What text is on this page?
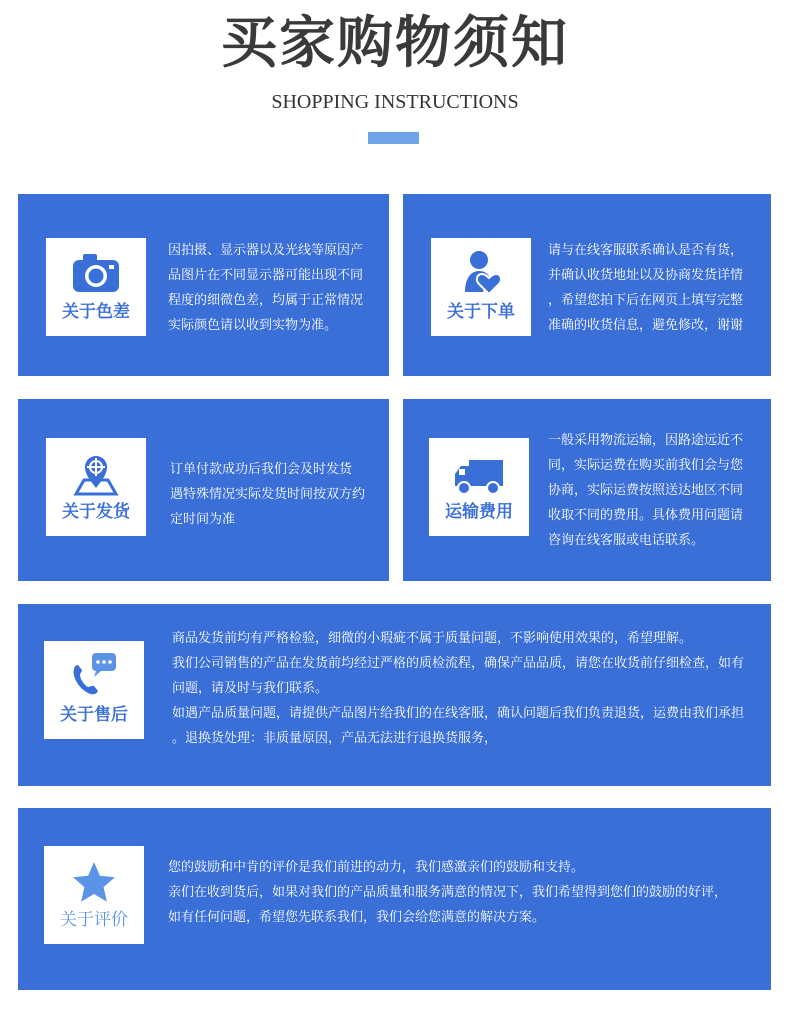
买家购物须知
SHOPPING INSTRUCTIONS
关于色差
因拍摄、显示器以及光线等原因产
品图片在不同显示器可能出现不同
程度的细微色差，均属于正常情况
实际颜色请以收到实物为准。
关于下单
请与在线客服联系确认是否有货，
并确认收货地址以及协商发货详情
，希望您拍下后在网页上填写完整
准确的收货信息，避免修改，谢谢
关于发货
订单付款成功后我们会及时发货
遇特殊情况实际发货时间按双方约
定时间为准	运输费用
一般采用物流运输，因路途远近不
同，实际运费在购买前我们会与您
协商，实际运费按照送达地区不同
收取不同的费用。具体费用问题请
咨询在线客服或电话联系。
关于售后

商品发货前均有严格检验，细微的小瑕疵不属于质量问题，不影响使用效果的，希望理解。

我们公司销售的产品在发货前均经过严格的质检流程，确保产品品质，请您在收货前仔细检查，如有
问题，请及时与我们联系。

如遇产品质量问题，请提供产品图片给我们的在线客服，确认问题后我们负责退货，运费由我们承担
。退换货处理：非质量原因，产品无法进行退换货服务，

关于评价

您的鼓励和中肯的评价是我们前进的动力，我们感激亲们的鼓励和支持。

亲们在收到货后，如果对我们的产品质量和服务满意的情况下，我们希望得到您们的鼓励的好评，

如有任何问题，希望您先联系我们，我们会给您满意的解决方案。
